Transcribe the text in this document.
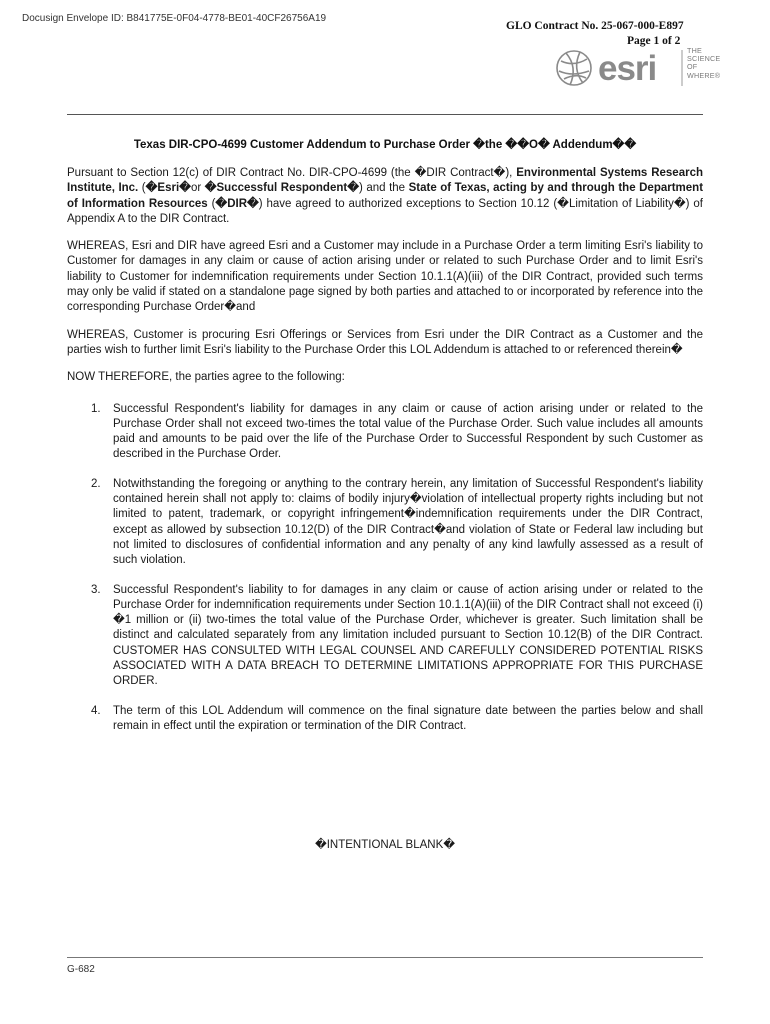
Docusign Envelope ID: B841775E-0F04-4778-BE01-40CF26756A19
GLO Contract No. 25-067-000-E897
Page 1 of 2
esri	THE
SCIENCE
OF
WHERE®
Texas DIR-CPO-4699 Customer Addendum to Purchase Order �the ��O� Addendum��

Pursuant to Section 12(c) of DIR Contract No. DIR-CPO-4699 (the �DIR Contract�), Environmental Systems Research Institute, Inc. (�Esri�or �Successful Respondent�) and the State of Texas, acting by and through the Department of Information Resources (�DIR�) have agreed to authorized exceptions to Section 10.12 (�Limitation of Liability�) of Appendix A to the DIR Contract.

WHEREAS, Esri and DIR have agreed Esri and a Customer may include in a Purchase Order a term limiting Esri's liability to Customer for damages in any claim or cause of action arising under or related to such Purchase Order and to limit Esri's liability to Customer for indemnification requirements under Section 10.1.1(A)(iii) of the DIR Contract, provided such terms may only be valid if stated on a standalone page signed by both parties and attached to or incorporated by reference into the corresponding Purchase Order�and

WHEREAS, Customer is procuring Esri Offerings or Services from Esri under the DIR Contract as a Customer and the parties wish to further limit Esri's liability to the Purchase Order this LOL Addendum is attached to or referenced therein�

NOW THEREFORE, the parties agree to the following:

1. Successful Respondent's liability for damages in any claim or cause of action arising under or related to the Purchase Order shall not exceed two-times the total value of the Purchase Order. Such value includes all amounts paid and amounts to be paid over the life of the Purchase Order to Successful Respondent by such Customer as described in the Purchase Order.
2. Notwithstanding the foregoing or anything to the contrary herein, any limitation of Successful Respondent's liability contained herein shall not apply to: claims of bodily injury�violation of intellectual property rights including but not limited to patent, trademark, or copyright infringement�indemnification requirements under the DIR Contract, except as allowed by subsection 10.12(D) of the DIR Contract�and violation of State or Federal law including but not limited to disclosures of confidential information and any penalty of any kind lawfully assessed as a result of such violation.
3. Successful Respondent's liability to for damages in any claim or cause of action arising under or related to the Purchase Order for indemnification requirements under Section 10.1.1(A)(iii) of the DIR Contract shall not exceed (i) �1 million or (ii) two-times the total value of the Purchase Order, whichever is greater. Such limitation shall be distinct and calculated separately from any limitation included pursuant to Section 10.12(B) of the DIR Contract. CUSTOMER HAS CONSULTED WITH LEGAL COUNSEL AND CAREFULLY CONSIDERED POTENTIAL RISKS ASSOCIATED WITH A DATA BREACH TO DETERMINE LIMITATIONS APPROPRIATE FOR THIS PURCHASE ORDER.
4. The term of this LOL Addendum will commence on the final signature date between the parties below and shall remain in effect until the expiration or termination of the DIR Contract.
�INTENTIONAL BLANK�
G-682
